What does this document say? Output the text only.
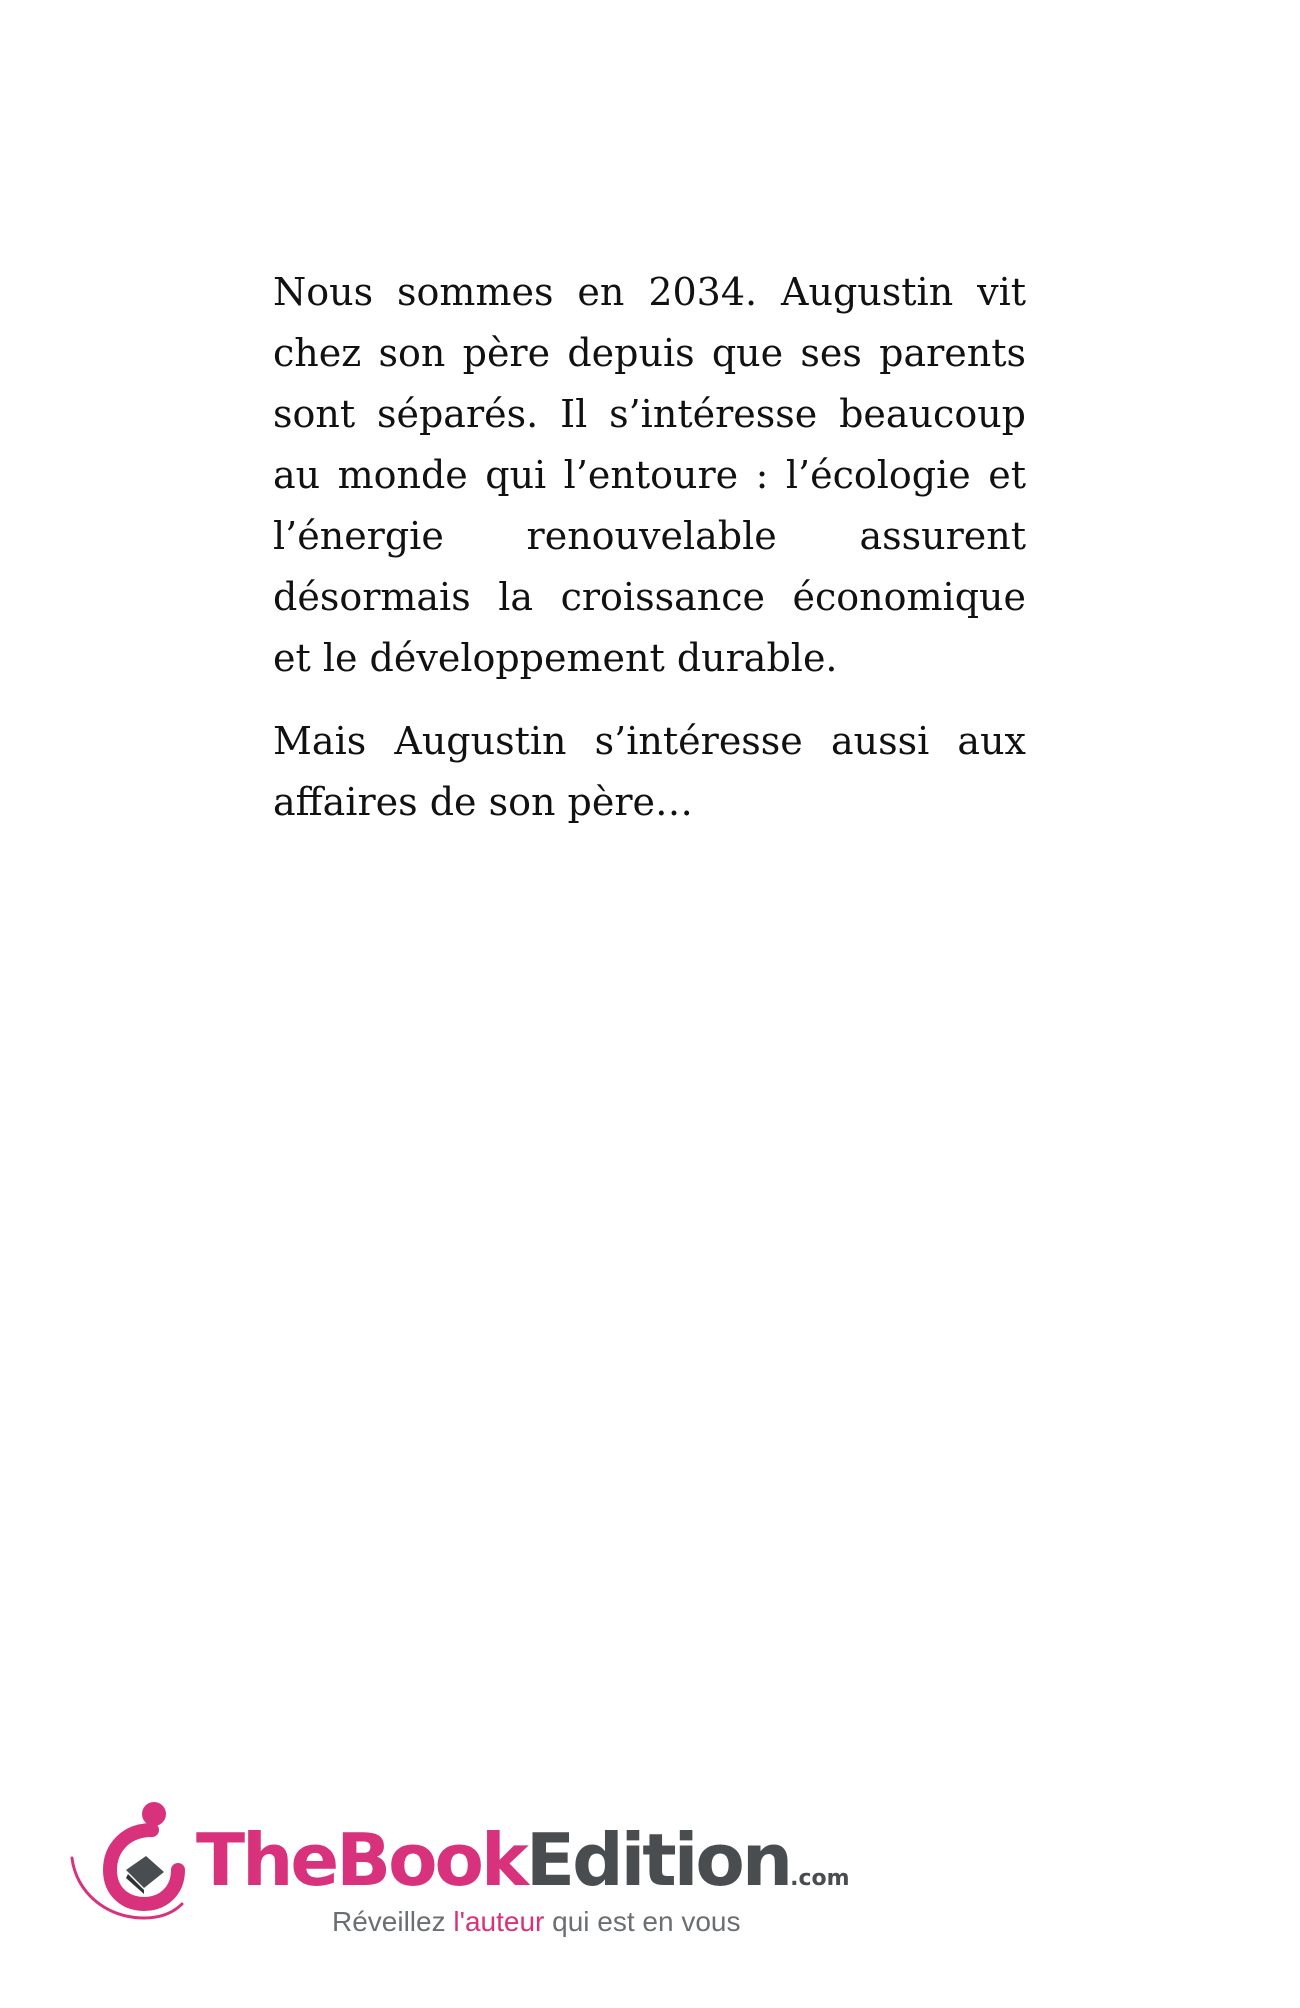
Nous sommes en 2034. Augustin vit chez son père depuis que ses parents sont séparés. Il s’intéresse beaucoup au monde qui l’entoure : l’écologie et l’énergie renouvelable assurent désormais la croissance économique et le développement durable.

Mais Augustin s’intéresse aussi aux affaires de son père…

TheBookEdition.com
Réveillez l'auteur qui est en vous
